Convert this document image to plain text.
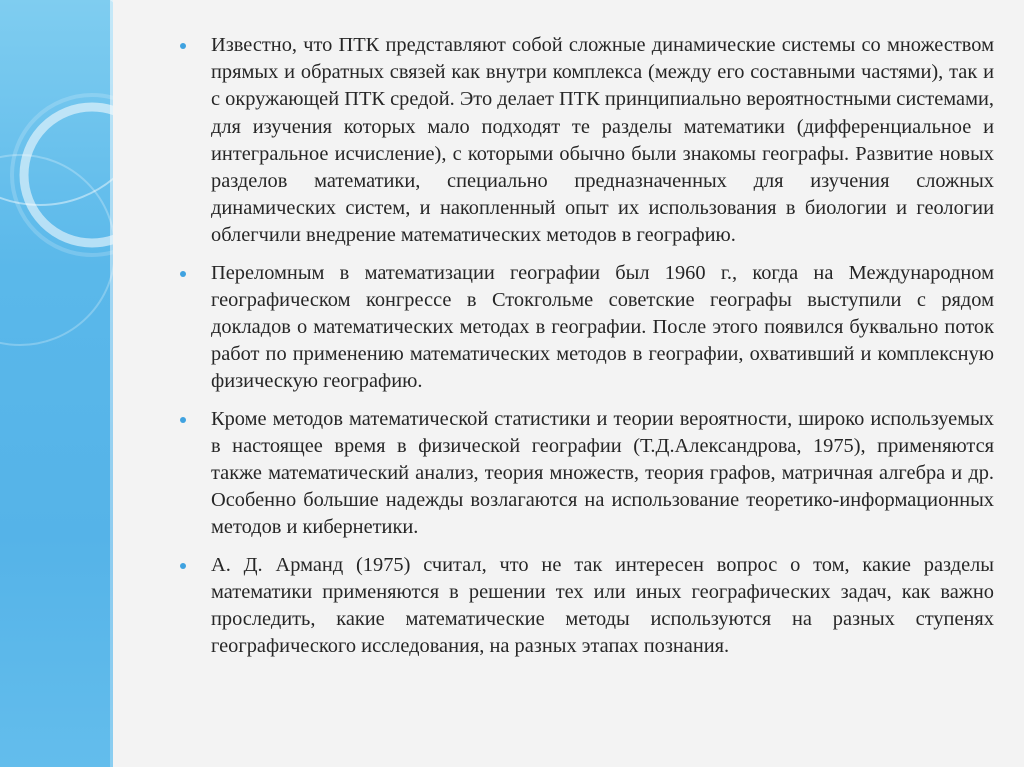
Известно, что ПТК представляют собой сложные динамические системы со множеством прямых и обратных связей как внутри комплекса (между его составными частями), так и с окружающей ПТК средой. Это делает ПТК принципиально вероятностными системами, для изучения которых мало подходят те разделы математики (дифференциальное и интегральное исчисление), с которыми обычно были знакомы географы. Развитие новых разделов математики, специально предназначенных для изучения сложных динамических систем, и накопленный опыт их использования в биологии и геологии облегчили внедрение математических методов в географию.

Переломным в математизации географии был 1960 г., когда на Международном географическом конгрессе в Стокгольме советские географы выступили с рядом докладов о математических методах в географии. После этого появился буквально поток работ по применению математических методов в географии, охвативший и комплексную физическую географию.

Кроме методов математической статистики и теории вероятности, широко используемых в настоящее время в физической географии (Т.Д.Александрова, 1975), применяются также математический анализ, теория множеств, теория графов, матричная алгебра и др. Особенно большие надежды возлагаются на использование теоретико-информационных методов и кибернетики.

А. Д. Арманд (1975) считал, что не так интересен вопрос о том, какие разделы математики применяются в решении тех или иных географических задач, как важно проследить, какие математические методы используются на разных ступенях географического исследования, на разных этапах познания.
